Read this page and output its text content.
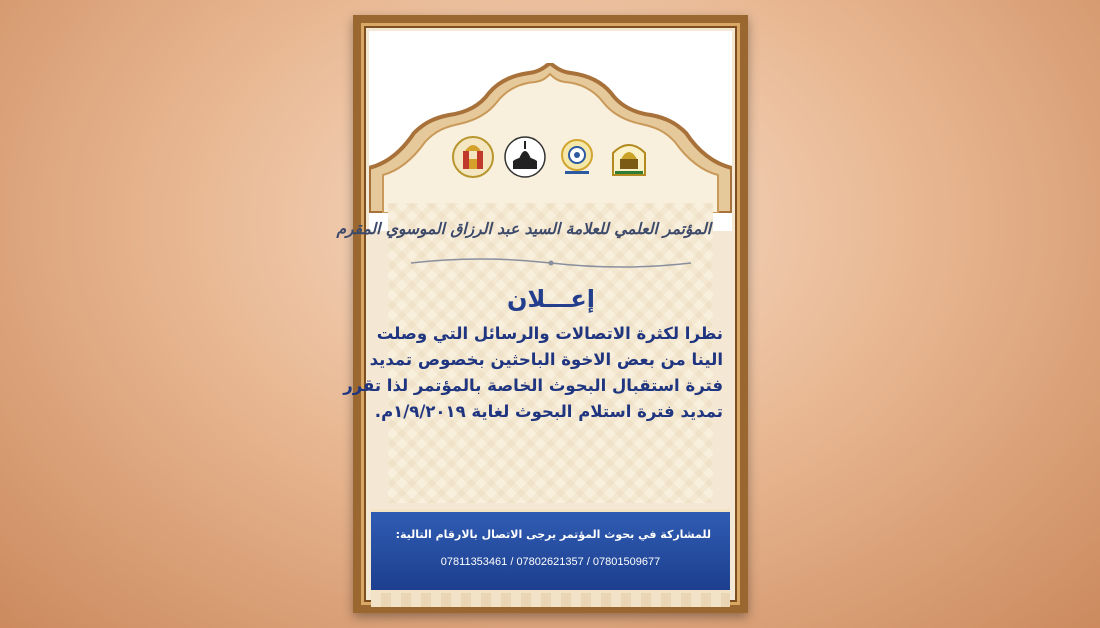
المؤتمر العلمي للعلامة السيد عبد الرزاق الموسوي المقرم
إعـــلان
نظرا لكثرة الاتصالات والرسائل التي وصلت
الينا من بعض الاخوة الباحثين بخصوص تمديد
فترة استقبال البحوث الخاصة بالمؤتمر لذا تقرر
تمديد فترة استلام البحوث لغاية ١/٩/٢٠١٩م.
للمشاركة في بحوث المؤتمر يرجى الاتصال بالارقام التالية:
07811353461 / 07802621357 / 07801509677
